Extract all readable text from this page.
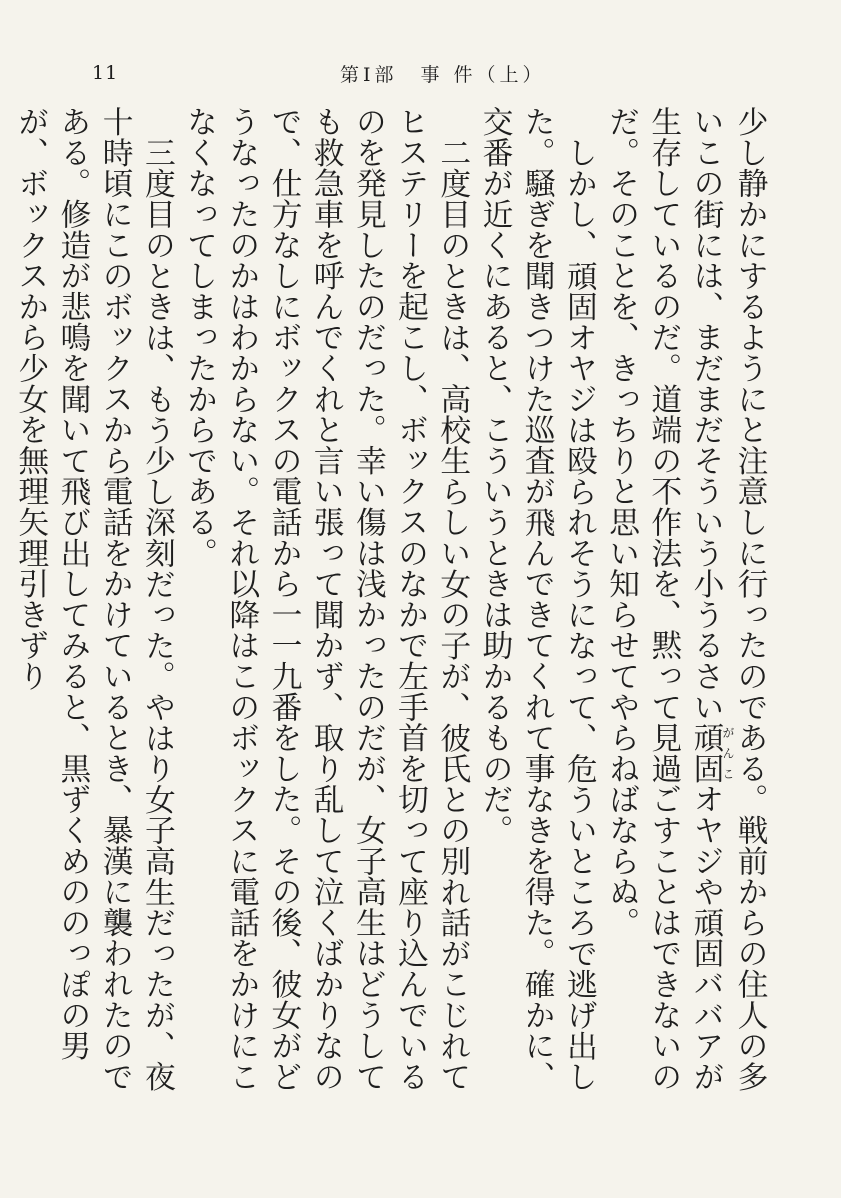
11	第Ⅰ部　事 件（上）

少し静かにするようにと注意しに行ったのである。戦前からの住人の多いこの街には、まだまだそういう小うるさい頑固がんこオヤジや頑固ババアが生存しているのだ。道端の不作法を、黙って見過ごすことはできないのだ。そのことを、きっちりと思い知らせてやらねばならぬ。

しかし、頑固オヤジは殴られそうになって、危ういところで逃げ出した。騒ぎを聞きつけた巡査が飛んできてくれて事なきを得た。確かに、交番が近くにあると、こういうときは助かるものだ。

二度目のときは、高校生らしい女の子が、彼氏との別れ話がこじれてヒステリーを起こし、ボックスのなかで左手首を切って座り込んでいるのを発見したのだった。幸い傷は浅かったのだが、女子高生はどうしても救急車を呼んでくれと言い張って聞かず、取り乱して泣くばかりなので、仕方なしにボックスの電話から一一九番をした。その後、彼女がどうなったのかはわからない。それ以降はこのボックスに電話をかけにこなくなってしまったからである。

三度目のときは、もう少し深刻だった。やはり女子高生だったが、夜十時頃にこのボックスから電話をかけているとき、暴漢に襲われたのである。修造が悲鳴を聞いて飛び出してみると、黒ずくめののっぽの男が、ボックスから少女を無理矢理引きずり
